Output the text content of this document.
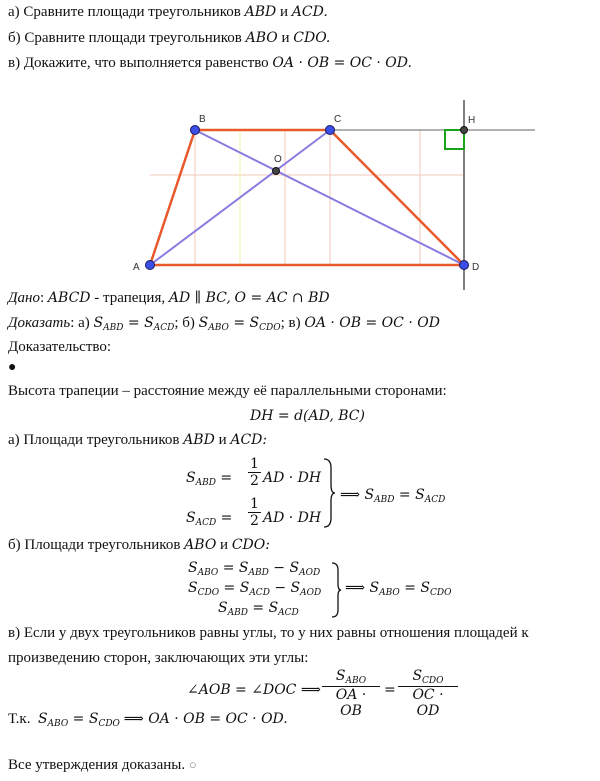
а) Сравните площади треугольников ABD и ACD.
б) Сравните площади треугольников ABO и CDO.
в) Докажите, что выполняется равенство OA · OB = OC · OD.
A
B	C
D
O
H
Дано: ABCD - трапеция, AD ∥ BC, O = AC ∩ BD
Доказать: а) $S_{ABD} = S_{ACD}$; б) $S_{ABO} = S_{CDO}$; в) OA · OB = OC · OD
Доказательство:
●
Высота трапеции – расстояние между её параллельными сторонами:
DH = d(AD, BC)
а) Площади треугольников ABD и ACD:
$S_{ABD}$ =
1
2 AD · DH
$S_{ACD}$ =
1
2 AD · DH
⟹ $S_{ABD} = S_{ACD}$
б) Площади треугольников ABO и CDO:
$S_{ABO} = S_{ABD} - S_{AOD}$
$S_{CDO} = S_{ACD} - S_{AOD}$
$S_{ABD} = S_{ACD}$
⟹ $S_{ABO} = S_{CDO}$
в) Если у двух треугольников равны углы, то у них равны отношения площадей к
произведению сторон, заключающих эти углы:
∠AOB = ∠DOC ⟹
$S_{ABO}$
OA · OB
=
$S_{CDO}$
OC · OD
Т.к. $S_{ABO} = S_{CDO}$ ⟹ OA · OB = OC · OD.
Все утверждения доказаны. ○
